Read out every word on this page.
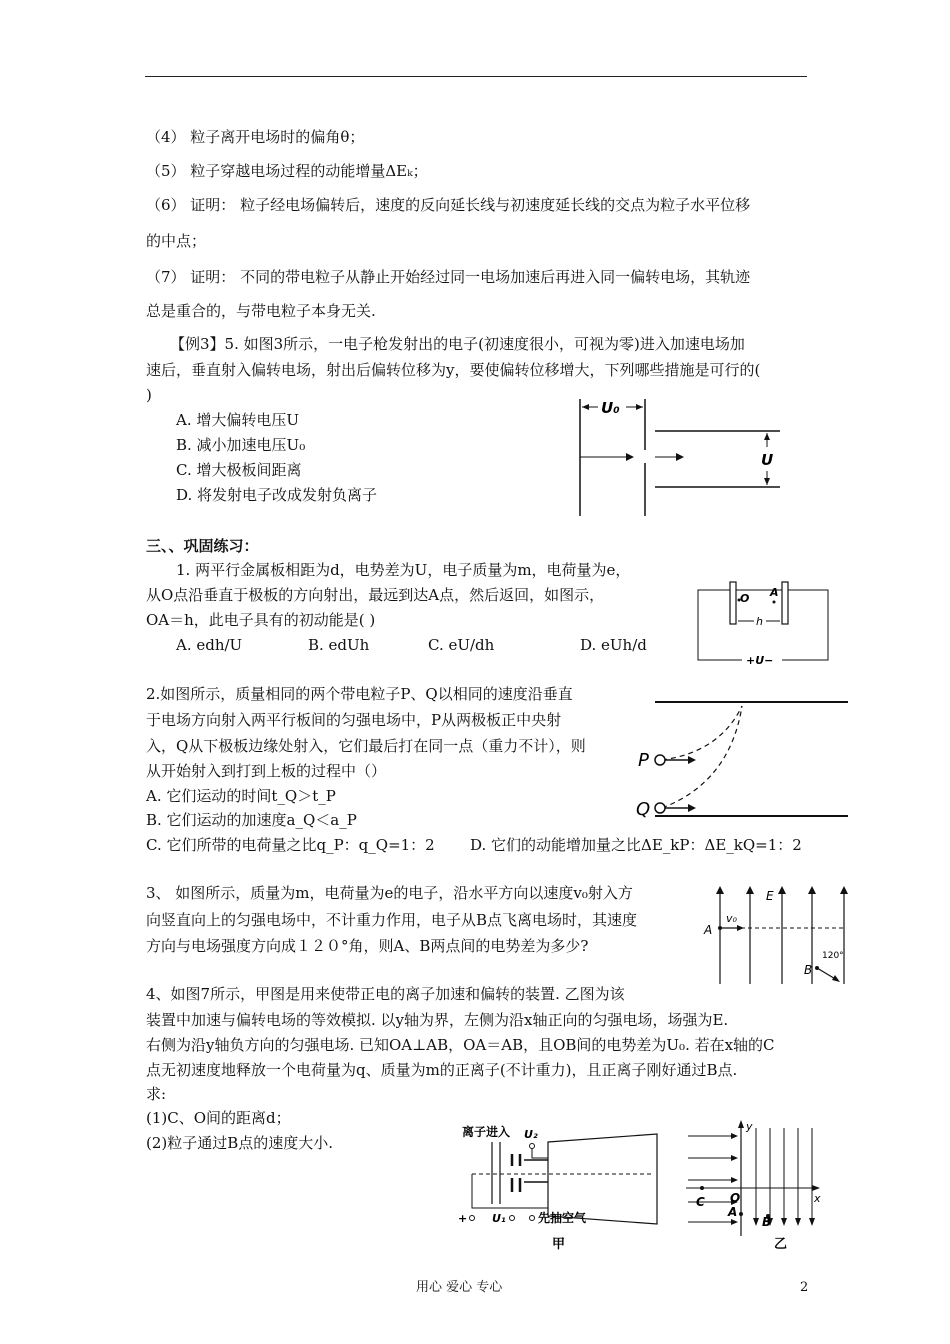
（4） 粒子离开电场时的偏角θ；
（5） 粒子穿越电场过程的动能增量ΔEₖ；
（6） 证明： 粒子经电场偏转后，速度的反向延长线与初速度延长线的交点为粒子水平位移
的中点；
（7） 证明： 不同的带电粒子从静止开始经过同一电场加速后再进入同一偏转电场，其轨迹
总是重合的，与带电粒子本身无关.
【例3】5. 如图3所示，一电子枪发射出的电子(初速度很小，可视为零)进入加速电场加
速后，垂直射入偏转电场，射出后偏转位移为y，要使偏转位移增大，下列哪些措施是可行的(
)
A. 增大偏转电压U
B. 减小加速电压U₀
C. 增大极板间距离
D. 将发射电子改成发射负离子
U₀
U
三、、巩固练习：
1. 两平行金属板相距为d，电势差为U，电子质量为m，电荷量为e，
从O点沿垂直于极板的方向射出，最远到达A点，然后返回，如图示，
OA＝h，此电子具有的初动能是( )
A. edh/U	B. edUh	C. eU/dh	D. eUh/d
O A
h
+U−
2.如图所示，质量相同的两个带电粒子P、Q以相同的速度沿垂直
于电场方向射入两平行板间的匀强电场中，P从两极板正中央射
入，Q从下极板边缘处射入，它们最后打在同一点（重力不计），则
从开始射入到打到上板的过程中（）
A. 它们运动的时间t_Q＞t_P
B. 它们运动的加速度a_Q＜a_P
C. 它们所带的电荷量之比q_P：q_Q=1：2 D. 它们的动能增加量之比ΔE_kP：ΔE_kQ=1：2
P
Q
3、 如图所示，质量为m，电荷量为e的电子，沿水平方向以速度v₀射入方
向竖直向上的匀强电场中，不计重力作用，电子从B点飞离电场时，其速度
方向与电场强度方向成１２０°角，则A、B两点间的电势差为多少?
E
A
v₀
B
120°
4、如图7所示，甲图是用来使带正电的离子加速和偏转的装置. 乙图为该
装置中加速与偏转电场的等效模拟. 以y轴为界，左侧为沿x轴正向的匀强电场，场强为E.
右侧为沿y轴负方向的匀强电场. 已知OA⊥AB，OA＝AB，且OB间的电势差为U₀. 若在x轴的C
点无初速度地释放一个电荷量为q、质量为m的正离子(不计重力)，且正离子刚好通过B点.
求:
(1)C、O间的距离d；
(2)粒子通过B点的速度大小.
离子进入 U₂
+ U₁	先抽空气
甲
y
x
C O
A
B
乙
用心 爱心 专心	2
